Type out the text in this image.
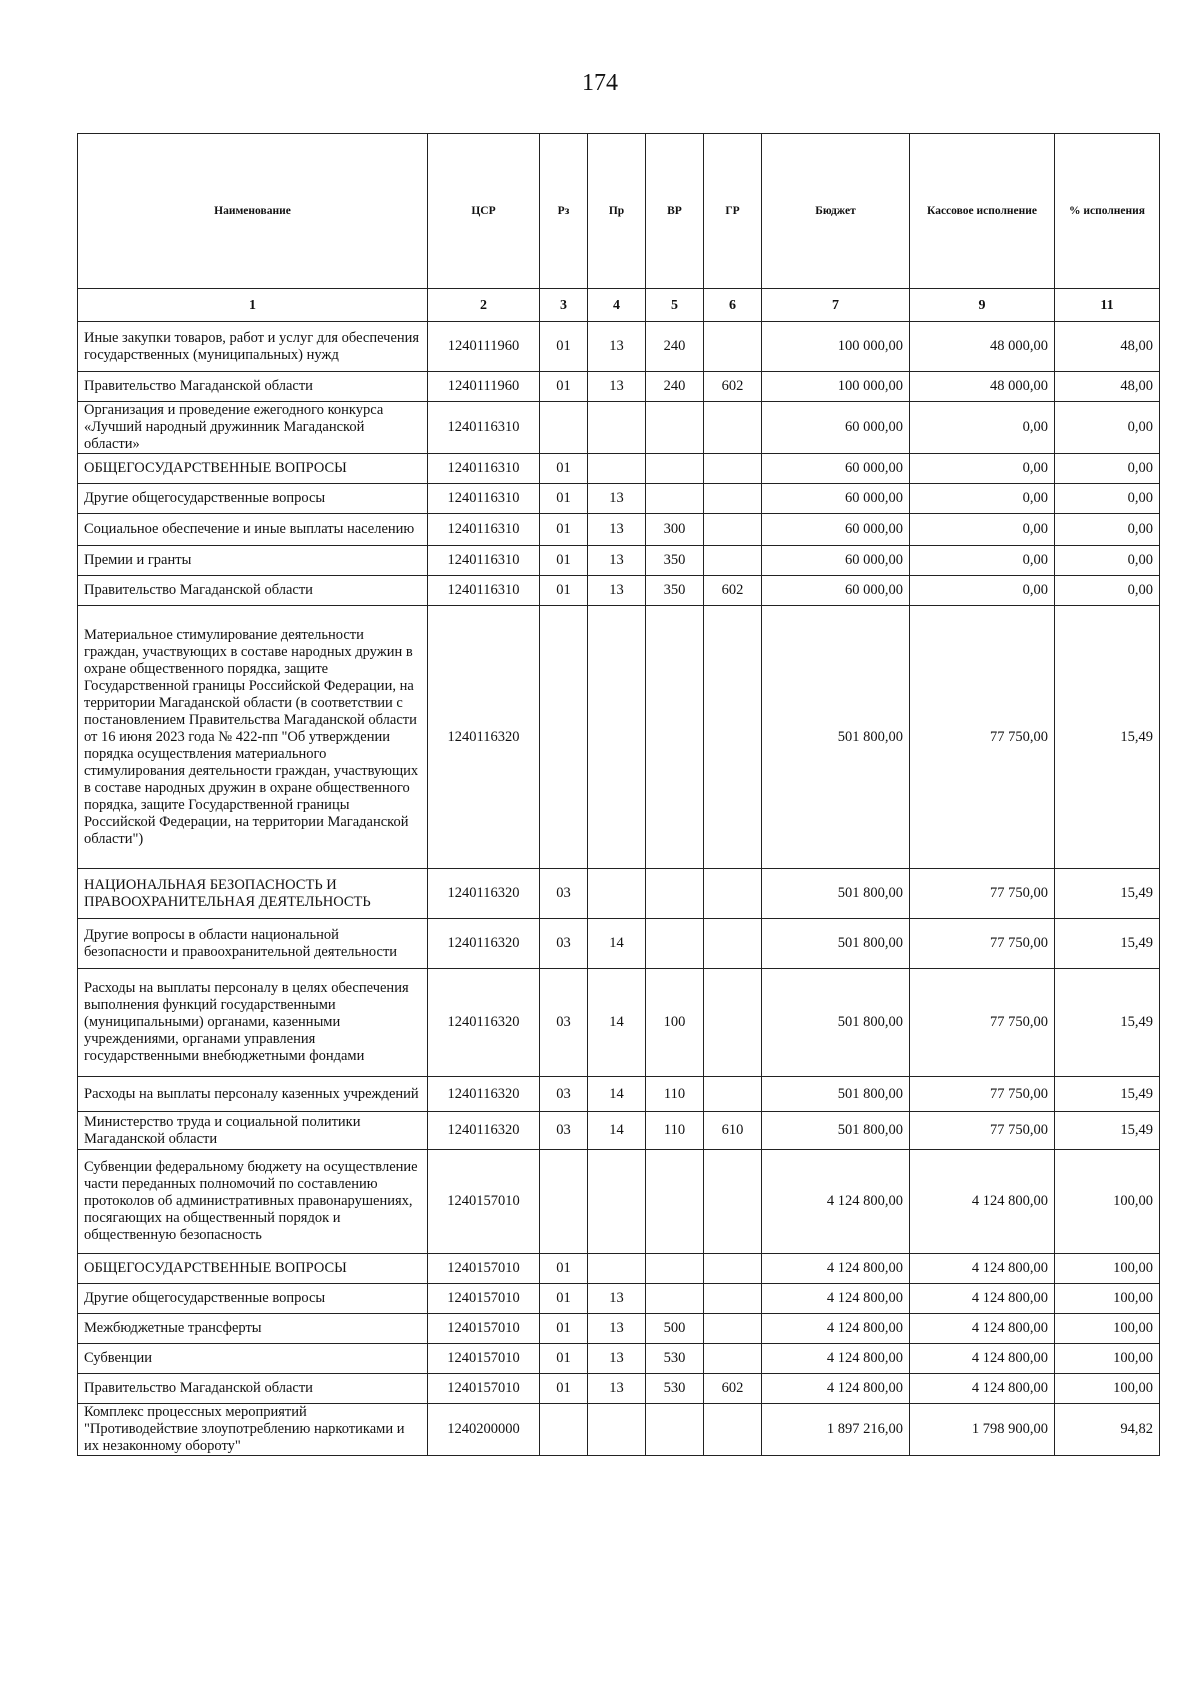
174
Наименование	ЦСР	Рз	Пр	ВР	ГР	Бюджет	Кассовое исполнение	% исполнения
1	2	3	4	5	6	7	9	11
Иные закупки товаров, работ и услуг для обеспечения государственных (муниципальных) нужд	1240111960	01	13	240		100 000,00	48 000,00	48,00
Правительство Магаданской области	1240111960	01	13	240	602	100 000,00	48 000,00	48,00
Организация и проведение ежегодного конкурса «Лучший народный дружинник Магаданской области»	1240116310					60 000,00	0,00	0,00
ОБЩЕГОСУДАРСТВЕННЫЕ ВОПРОСЫ	1240116310	01				60 000,00	0,00	0,00
Другие общегосударственные вопросы	1240116310	01	13			60 000,00	0,00	0,00
Социальное обеспечение и иные выплаты населению	1240116310	01	13	300		60 000,00	0,00	0,00
Премии и гранты	1240116310	01	13	350		60 000,00	0,00	0,00
Правительство Магаданской области	1240116310	01	13	350	602	60 000,00	0,00	0,00
Материальное стимулирование деятельности граждан, участвующих в составе народных дружин в охране общественного порядка, защите Государственной границы Российской Федерации, на территории Магаданской области (в соответствии с постановлением Правительства Магаданской области от 16 июня 2023 года № 422-пп "Об утверждении порядка осуществления материального стимулирования деятельности граждан, участвующих в составе народных дружин в охране общественного порядка, защите Государственной границы Российской Федерации, на территории Магаданской области")	1240116320					501 800,00	77 750,00	15,49
НАЦИОНАЛЬНАЯ БЕЗОПАСНОСТЬ И ПРАВООХРАНИТЕЛЬНАЯ ДЕЯТЕЛЬНОСТЬ	1240116320	03				501 800,00	77 750,00	15,49
Другие вопросы в области национальной безопасности и правоохранительной деятельности	1240116320	03	14			501 800,00	77 750,00	15,49
Расходы на выплаты персоналу в целях обеспечения выполнения функций государственными (муниципальными) органами, казенными учреждениями, органами управления государственными внебюджетными фондами	1240116320	03	14	100		501 800,00	77 750,00	15,49
Расходы на выплаты персоналу казенных учреждений	1240116320	03	14	110		501 800,00	77 750,00	15,49
Министерство труда и социальной политики Магаданской области	1240116320	03	14	110	610	501 800,00	77 750,00	15,49
Субвенции федеральному бюджету на осуществление части переданных полномочий по составлению протоколов об административных правонарушениях, посягающих на общественный порядок и общественную безопасность	1240157010					4 124 800,00	4 124 800,00	100,00
ОБЩЕГОСУДАРСТВЕННЫЕ ВОПРОСЫ	1240157010	01				4 124 800,00	4 124 800,00	100,00
Другие общегосударственные вопросы	1240157010	01	13			4 124 800,00	4 124 800,00	100,00
Межбюджетные трансферты	1240157010	01	13	500		4 124 800,00	4 124 800,00	100,00
Субвенции	1240157010	01	13	530		4 124 800,00	4 124 800,00	100,00
Правительство Магаданской области	1240157010	01	13	530	602	4 124 800,00	4 124 800,00	100,00
Комплекс процессных мероприятий "Противодействие злоупотреблению наркотиками и их незаконному обороту"	1240200000					1 897 216,00	1 798 900,00	94,82
